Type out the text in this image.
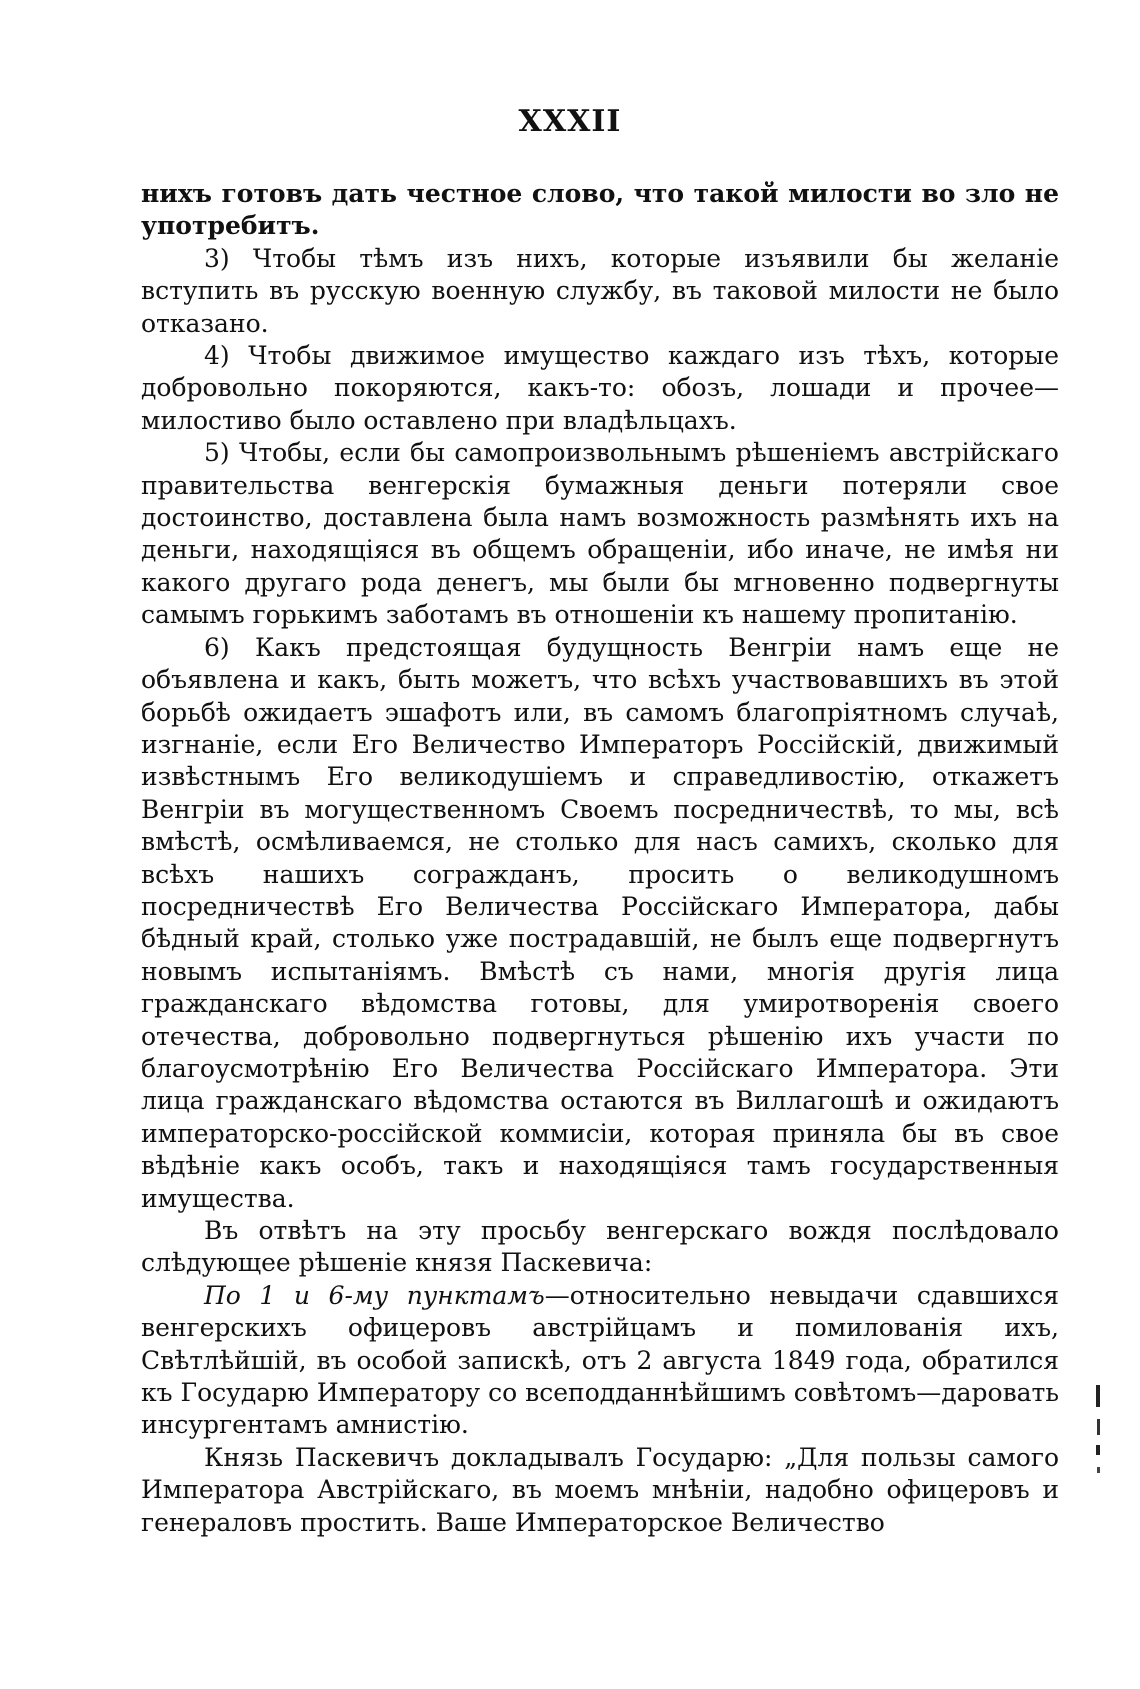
XXXII

нихъ готовъ дать честное слово, что такой милости во зло не употребитъ.

3) Чтобы тѣмъ изъ нихъ, которые изъявили бы желаніе вступить въ русскую военную службу, въ таковой милости не было отказано.

4) Чтобы движимое имущество каждаго изъ тѣхъ, которые добровольно покоряются, какъ-то: обозъ, лошади и прочее— милостиво было оставлено при владѣльцахъ.

5) Чтобы, если бы самопроизвольнымъ рѣшеніемъ австрійскаго правительства венгерскія бумажныя деньги потеряли свое достоинство, доставлена была намъ возможность размѣнять ихъ на деньги, находящіяся въ общемъ обращеніи, ибо иначе, не имѣя ни какого другаго рода денегъ, мы были бы мгновенно подвергнуты самымъ горькимъ заботамъ въ отношеніи къ нашему пропитанію.

6) Какъ предстоящая будущность Венгріи намъ еще не объявлена и какъ, быть можетъ, что всѣхъ участвовавшихъ въ этой борьбѣ ожидаетъ эшафотъ или, въ самомъ благопріятномъ случаѣ, изгнаніе, если Его Величество Императоръ Россійскій, движимый извѣстнымъ Его великодушіемъ и справедливостію, откажетъ Венгріи въ могущественномъ Своемъ посредничествѣ, то мы, всѣ вмѣстѣ, осмѣливаемся, не столько для насъ самихъ, сколько для всѣхъ нашихъ согражданъ, просить о великодушномъ посредничествѣ Его Величества Россійскаго Императора, дабы бѣдный край, столько уже пострадавшій, не былъ еще подвергнутъ новымъ испытаніямъ. Вмѣстѣ съ нами, многія другія лица гражданскаго вѣдомства готовы, для умиротворенія своего отечества, добровольно подвергнуться рѣшенію ихъ участи по благоусмотрѣнію Его Величества Россійскаго Императора. Эти лица гражданскаго вѣдомства остаются въ Виллагошѣ и ожидаютъ императорско-россійской коммисіи, которая приняла бы въ свое вѣдѣніе какъ особъ, такъ и находящіяся тамъ государственныя имущества.

Въ отвѣтъ на эту просьбу венгерскаго вождя послѣдовало слѣдующее рѣшеніе князя Паскевича:

По 1 и 6-му пунктамъ—относительно невыдачи сдавшихся венгерскихъ офицеровъ австрійцамъ и помилованія ихъ, Свѣтлѣйшій, въ особой запискѣ, отъ 2 августа 1849 года, обратился къ Государю Императору со всеподданнѣйшимъ совѣтомъ—даровать инсургентамъ амнистію.

Князь Паскевичъ докладывалъ Государю: „Для пользы самого Императора Австрійскаго, въ моемъ мнѣніи, надобно офицеровъ и генераловъ простить. Ваше Императорское Величество
